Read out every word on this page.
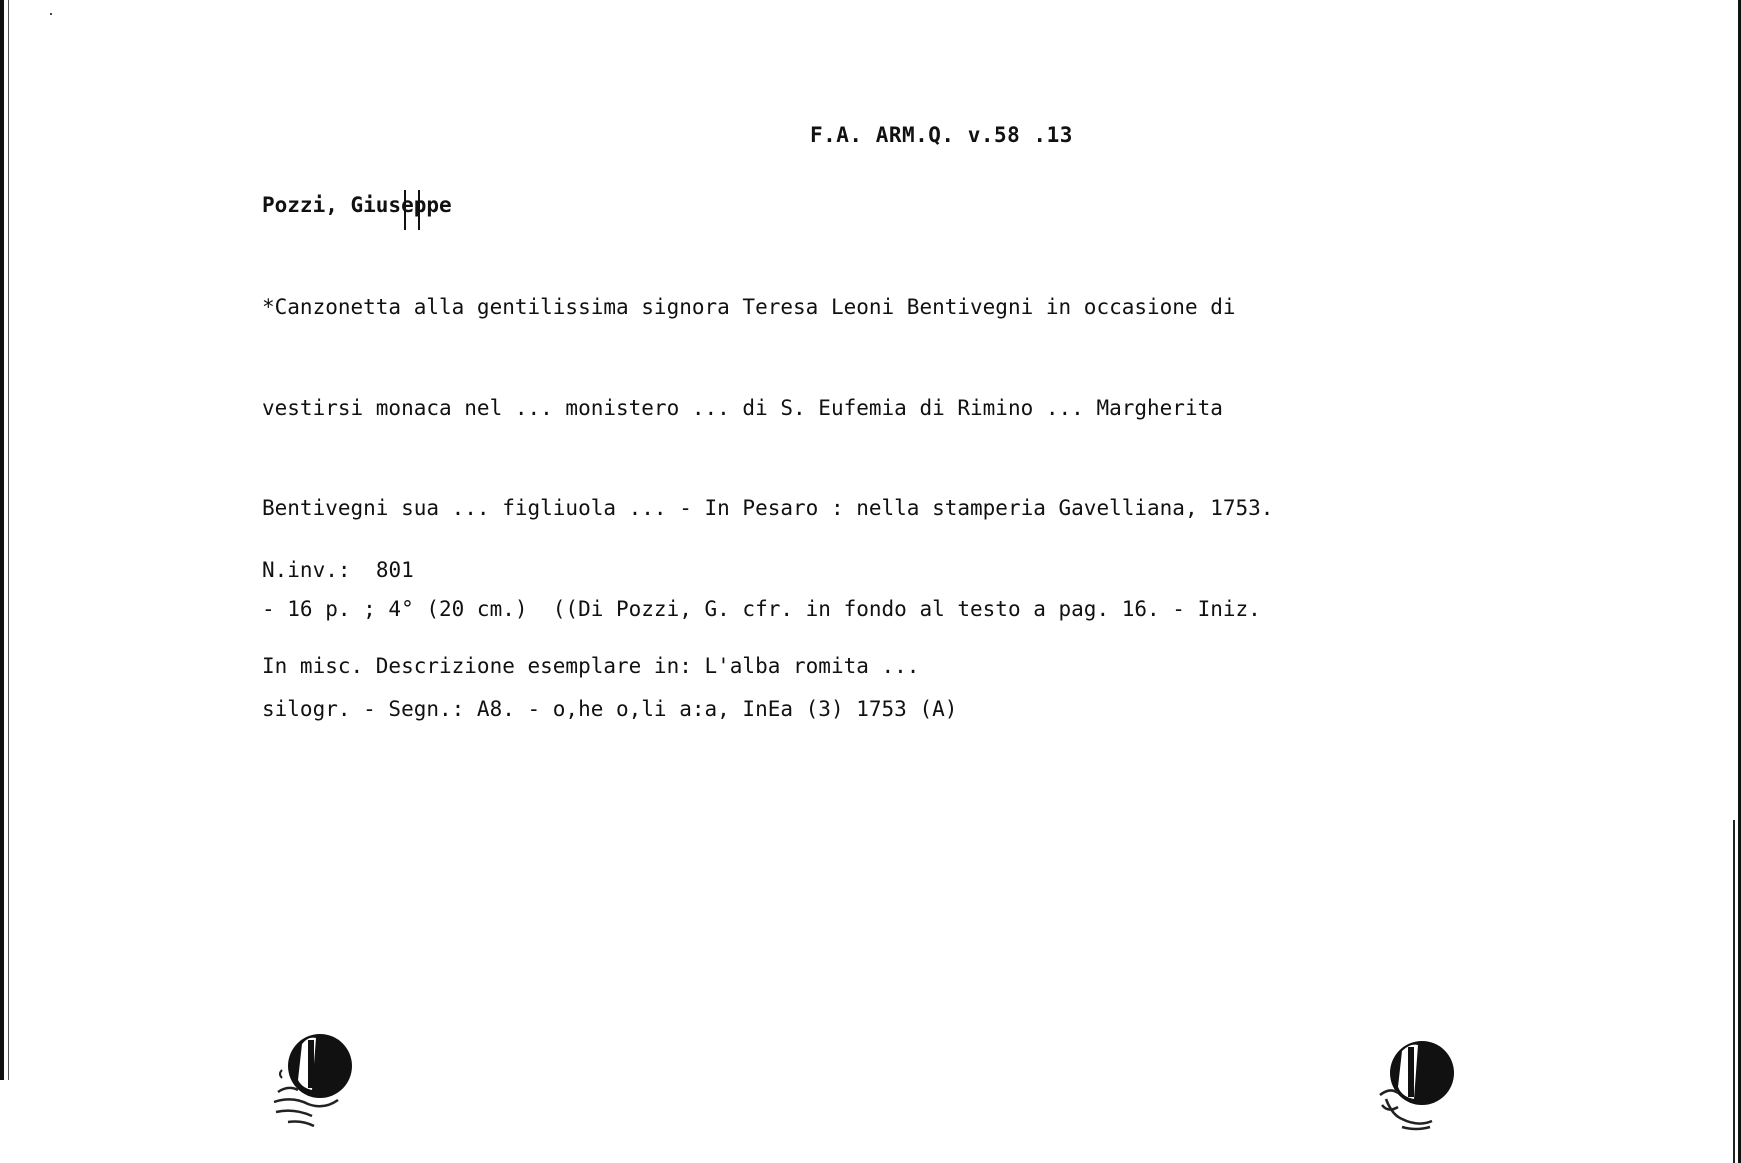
F.A. ARM.Q. v.58 .13
Pozzi, Giuseppe

*Canzonetta alla gentilissima signora Teresa Leoni Bentivegni in occasione di

vestirsi monaca nel ... monistero ... di S. Eufemia di Rimino ... Margherita

Bentivegni sua ... figliuola ... - In Pesaro : nella stamperia Gavelliana, 1753.

- 16 p. ; 4° (20 cm.)  ((Di Pozzi, G. cfr. in fondo al testo a pag. 16. - Iniz.

silogr. - Segn.: A8. - o,he o,li a:a, InEa (3) 1753 (A)

N.inv.: 801

In misc. Descrizione esemplare in: L'alba romita ...
